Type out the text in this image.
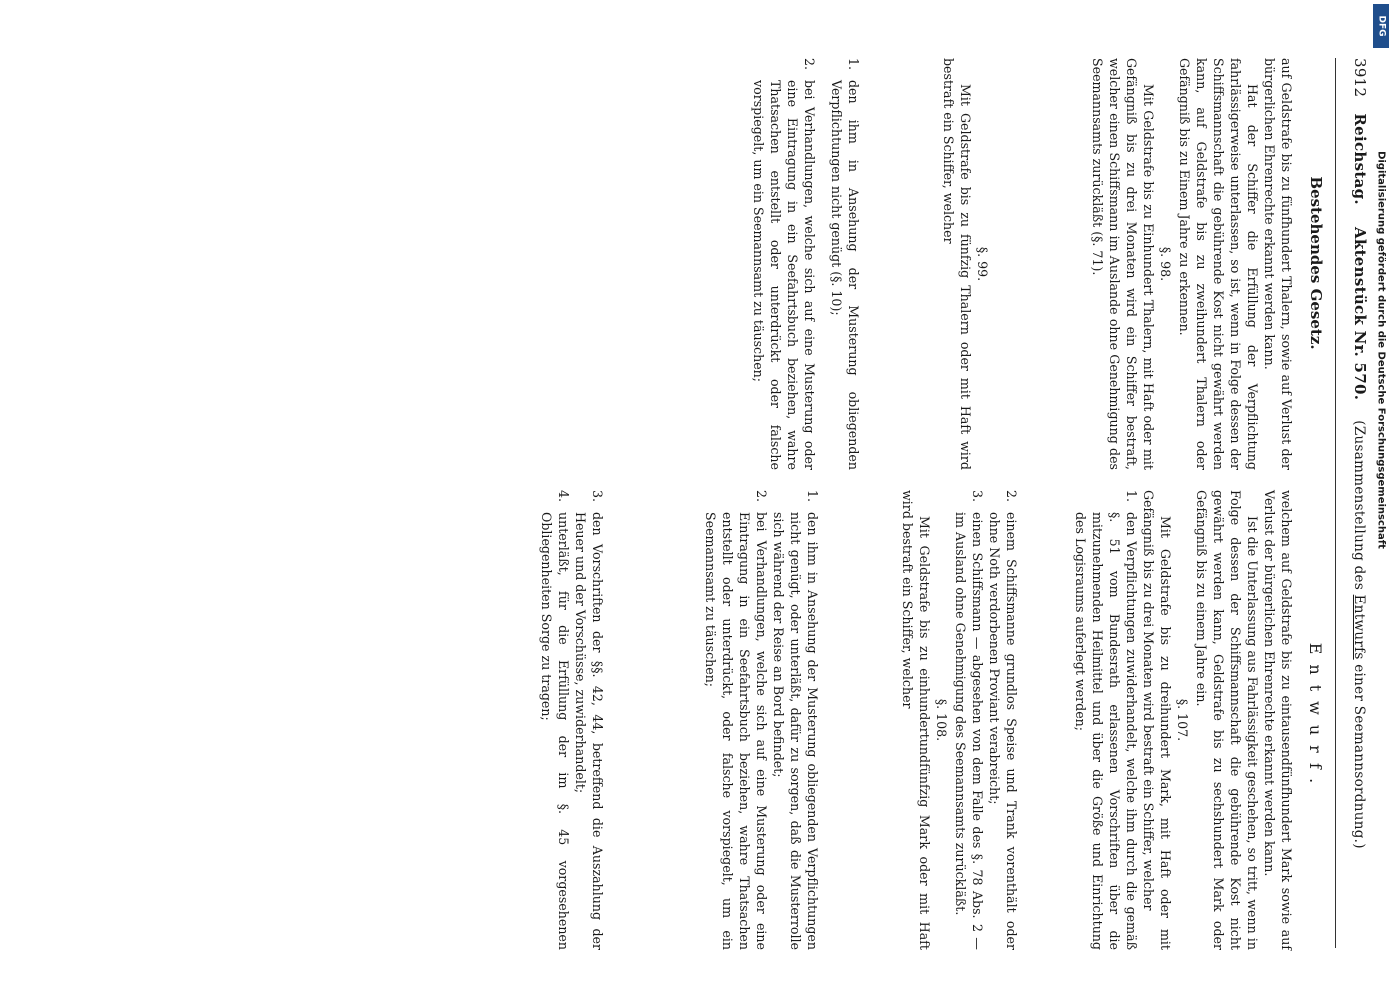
3912
Reichstag.
Aktenstück Nr. 570.
(Zusammenstellung des Entwurfs einer Seemannsordnung.)
Bestehendes Gesetz.
Entwurf.

auf Geldstrafe bis zu fünfhundert Thalern, sowie auf Verlust der bürgerlichen Ehrenrechte erkannt werden kann.

Hat der Schiffer die Erfüllung der Verpflichtung fahrlässigerweise unterlassen, so ist, wenn in Folge dessen der Schiffsmannschaft die gebührende Kost nicht gewährt werden kann, auf Geldstrafe bis zu zweihundert Thalern oder Gefängniß bis zu Einem Jahre zu erkennen.

§. 98.

Mit Geldstrafe bis zu Einhundert Thalern, mit Haft oder mit Gefängniß bis zu drei Monaten wird ein Schiffer bestraft, welcher einen Schiffsmann im Auslande ohne Genehmigung des Seemannsamts zurückläßt (§. 71).

§. 99.

Mit Geldstrafe bis zu fünfzig Thalern oder mit Haft wird bestraft ein Schiffer, welcher

1.
den ihm in Ansehung der Musterung obliegenden Verpflichtungen nicht genügt (§. 10);
2.
bei Verhandlungen, welche sich auf eine Musterung oder eine Eintragung in ein Seefahrtsbuch beziehen, wahre Thatsachen entstellt oder unterdrückt oder falsche vorspiegelt, um ein Seemannsamt zu täuschen;

welchem auf Geldstrafe bis zu eintausendfünfhundert Mark sowie auf Verlust der bürgerlichen Ehrenrechte erkannt werden kann.

Ist die Unterlassung aus Fahrlässigkeit geschehen, so tritt, wenn in Folge dessen der Schiffsmannschaft die gebührende Kost nicht gewährt werden kann, Geldstrafe bis zu sechshundert Mark oder Gefängniß bis zu einem Jahre ein.

§. 107.

Mit Geldstrafe bis zu dreihundert Mark, mit Haft oder mit Gefängniß bis zu drei Monaten wird bestraft ein Schiffer, welcher

1.
den Verpflichtungen zuwiderhandelt, welche ihm durch die gemäß §. 51 vom Bundesrath erlassenen Vorschriften über die mitzunehmenden Heilmittel und über die Größe und Einrichtung des Logisraums auferlegt werden;
2.
einem Schiffsmanne grundlos Speise und Trank vorenthält oder ohne Noth verdorbenen Proviant verabreicht;
3.
einen Schiffsmann — abgesehen von dem Falle des §. 78 Abs. 2 — im Ausland ohne Genehmigung des Seemannsamts zurückläßt.

§. 108.

Mit Geldstrafe bis zu einhundertundfünfzig Mark oder mit Haft wird bestraft ein Schiffer, welcher

1.
den ihm in Ansehung der Musterung obliegenden Verpflichtungen nicht genügt, oder unterläßt, dafür zu sorgen, daß die Musterrolle sich während der Reise an Bord befindet;
2.
bei Verhandlungen, welche sich auf eine Musterung oder eine Eintragung in ein Seefahrtsbuch beziehen, wahre Thatsachen entstellt oder unterdrückt, oder falsche vorspiegelt, um ein Seemannsamt zu täuschen;
3.
den Vorschriften der §§. 42, 44, betreffend die Auszahlung der Heuer und der Vorschüsse, zuwiderhandelt;
4.
unterläßt, für die Erfüllung der im §. 45 vorgesehenen Obliegenheiten Sorge zu tragen;
DFG
Digitalisierung gefördert durch die Deutsche Forschungsgemeinschaft
